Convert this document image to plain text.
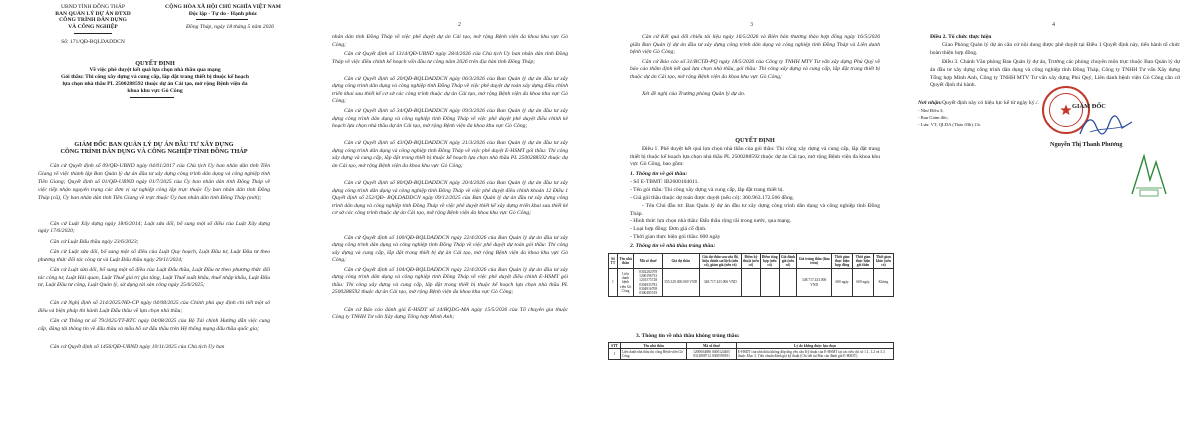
UBND TỈNH ĐỒNG THÁP
BAN QUẢN LÝ DỰ ÁN ĐTXD
CÔNG TRÌNH DÂN DỤNG
VÀ CÔNG NGHIỆP
CỘNG HÒA XÃ HỘI CHỦ NGHĨA VIỆT NAM
Độc lập - Tự do - Hạnh phúc
Số: 171/QĐ-BQLDADDCN
Đồng Tháp, ngày 18 tháng 5 năm 2026
QUYẾT ĐỊNH
Về việc phê duyệt kết quả lựa chọn nhà thầu qua mạng
Gói thầu: Thi công xây dựng và cung cấp, lắp đặt trang thiết bị thuộc kế hoạch
lựa chọn nhà thầu PL 2500288592 thuộc dự án Cải tạo, mở rộng Bệnh viện đa
khoa khu vực Gò Công
GIÁM ĐỐC BAN QUẢN LÝ DỰ ÁN ĐẦU TƯ XÂY DỰNG
CÔNG TRÌNH DÂN DỤNG VÀ CÔNG NGHIỆP TỈNH ĐỒNG THÁP
Căn cứ Quyết định số 09/QĐ-UBND ngày 04/01/2017 của Chủ tịch Ủy ban nhân dân tỉnh Tiền Giang về việc thành lập Ban Quản lý dự án đầu tư xây dựng công trình dân dụng và công nghiệp tỉnh Tiền Giang; Quyết định số 01/QĐ-UBND ngày 01/7/2025 của Ủy ban nhân dân tỉnh Đồng Tháp về việc tiếp nhận nguyên trạng các đơn vị sự nghiệp công lập trực thuộc Ủy ban nhân dân tỉnh Đồng Tháp (cũ), Ủy ban nhân dân tỉnh Tiền Giang về trực thuộc Ủy ban nhân dân tỉnh Đồng Tháp (mới);
Căn cứ Luật Xây dựng ngày 18/6/2014; Luật sửa đổi, bổ sung một số điều của Luật Xây dựng ngày 17/6/2020;
Căn cứ Luật Đấu thầu ngày 23/6/2023;
Căn cứ Luật sửa đổi, bổ sung một số điều của Luật Quy hoạch, Luật Đầu tư, Luật Đầu tư theo phương thức đối tác công tư và Luật Đấu thầu ngày 29/11/2024;
Căn cứ Luật sửa đổi, bổ sung một số điều của Luật Đấu thầu, Luật Đầu tư theo phương thức đối tác công tư, Luật Hải quan, Luật Thuế giá trị gia tăng, Luật Thuế xuất khẩu, thuế nhập khẩu, Luật Đầu tư, Luật Đầu tư công, Luật Quản lý, sử dụng tài sản công ngày 25/6/2025;
Căn cứ Nghị định số 214/2025/NĐ-CP ngày 04/08/2025 của Chính phủ quy định chi tiết một số điều và biện pháp thi hành Luật Đấu thầu về lựa chọn nhà thầu;
Căn cứ Thông tư số 79/2025/TT-BTC ngày 04/08/2025 của Bộ Tài chính Hướng dẫn việc cung cấp, đăng tải thông tin về đấu thầu và mẫu hồ sơ đấu thầu trên Hệ thống mạng đấu thầu quốc gia;
Căn cứ Quyết định số 1456/QĐ-UBND ngày 10/11/2025 của Chủ tịch Ủy ban
2
nhân dân tỉnh Đồng Tháp về việc phê duyệt dự án Cải tạo, mở rộng Bệnh viện đa khoa khu vực Gò Công;
Căn cứ Quyết định số 1314/QĐ-UBND ngày 28/4/2026 của Chủ tịch Ủy ban nhân dân tỉnh Đồng Tháp về việc điều chỉnh kế hoạch vốn đầu tư công năm 2026 trên địa bàn tỉnh Đồng Tháp;
Căn cứ Quyết định số 20/QĐ-BQLDADDCN ngày 06/3/2026 của Ban Quản lý dự án đầu tư xây dựng công trình dân dụng và công nghiệp tỉnh Đồng Tháp về việc phê duyệt dự toán xây dựng điều chỉnh triển khai sau thiết kế cơ sở các công trình thuộc dự án Cải tạo, mở rộng Bệnh viện đa khoa khu vực Gò Công;
Căn cứ Quyết định số 34/QĐ-BQLDADDCN ngày 09/3/2026 của Ban Quản lý dự án đầu tư xây dựng công trình dân dụng và công nghiệp tỉnh Đồng Tháp về việc phê duyệt phê duyệt điều chỉnh kế hoạch lựa chọn nhà thầu dự án Cải tạo, mở rộng Bệnh viện đa khoa khu vực Gò Công;
Căn cứ Quyết định số 43/QĐ-BQLDADDCN ngày 21/3/2026 của Ban Quản lý dự án đầu tư xây dựng công trình dân dụng và công nghiệp tỉnh Đồng Tháp về việc phê duyệt E-HSMT gói thầu: Thi công xây dựng và cung cấp, lắp đặt trang thiết bị thuộc kế hoạch lựa chọn nhà thầu PL 2500288592 thuộc dự án Cải tạo, mở rộng Bệnh viện đa khoa khu vực Gò Công;
Căn cứ Quyết định số 80/QĐ-BQLDADDCN ngày 20/4/2026 của Ban Quản lý dự án đầu tư xây dựng công trình dân dụng và công nghiệp tỉnh Đồng Tháp về việc phê duyệt điều chỉnh khoản 12 Điều 1 Quyết định số 252/QĐ- BQLDADDCN ngày 09/12/2025 của Ban Quản lý dự án đầu tư xây dựng công trình dân dụng và công nghiệp tỉnh Đồng Tháp về việc phê duyệt thiết kế xây dựng triển khai sau thiết kế cơ sở các công trình thuộc dự án Cải tạo, mở rộng Bệnh viện đa khoa khu vực Gò Công;
Căn cứ Quyết định số 100/QĐ-BQLDADDCN ngày 22/4/2026 của Ban Quản lý dự án đầu tư xây dựng công trình dân dụng và công nghiệp tỉnh Đồng Tháp về việc phê duyệt dự toán gói thầu: Thi công xây dựng và cung cấp, lắp đặt trang thiết bị dự án Cải tạo, mở rộng Bệnh viện đa khoa khu vực Gò Công;
Căn cứ Quyết định số 104/QĐ-BQLDADDCN ngày 22/4/2026 của Ban Quản lý dự án đầu tư xây dựng công trình dân dụng và công nghiệp tỉnh Đồng Tháp về việc phê duyệt điều chỉnh E-HSMT gói thầu: Thi công xây dựng và cung cấp, lắp đặt trang thiết bị thuộc kế hoạch lựa chọn nhà thầu PL 2500288592 thuộc dự án Cải tạo, mở rộng Bệnh viện đa khoa khu vực Gò Công;
Căn cứ Báo cáo đánh giá E-HSDT số 14/BQDG-MA ngày 15/5/2026 của Tổ chuyên gia thuộc Công ty TNHH Tư vấn Xây dựng Tổng hợp Minh Anh;
3
Căn cứ Kết quả đối chiếu tài liệu ngày 16/5/2026 và Biên bản thương thảo hợp đồng ngày 16/5/2026 giữa Ban Quản lý dự án đầu tư xây dựng công trình dân dụng và công nghiệp tỉnh Đồng Tháp và Liên danh bệnh viện Gò Công;
Căn cứ Báo cáo số 31/BCTĐ-PQ ngày 18/5/2026 của Công ty TNHH MTV Tư vấn xây dựng Phú Quý về báo cáo thẩm định kết quả lựa chọn nhà thầu, gói thầu: Thi công xây dựng và cung cấp, lắp đặt trang thiết bị thuộc dự án Cải tạo, mở rộng Bệnh viện đa khoa khu vực Gò Công;
Xét đề nghị của Trưởng phòng Quản lý dự án.
QUYẾT ĐỊNH
Điều 1. Phê duyệt kết quả lựa chọn nhà thầu của gói thầu: Thi công xây dựng và cung cấp, lắp đặt trang thiết bị thuộc kế hoạch lựa chọn nhà thầu PL 2500288592 thuộc dự án Cải tạo, mở rộng Bệnh viện đa khoa khu vực Gò Công, bao gồm:
1. Thông tin về gói thầu:
- Số E-TBMT: IB2600104011.
- Tên gói thầu: Thi công xây dựng và cung cấp, lắp đặt trang thiết bị.
- Giá gói thầu thuộc dự toán được duyệt (nếu có): 360.963.172.566 đồng.
- Tên Chủ đầu tư: Ban Quản lý dự án đầu tư xây dựng công trình dân dụng và công nghiệp tỉnh Đồng Tháp.
- Hình thức lựa chọn nhà thầu: Đấu thầu rộng rãi trong nước, qua mạng.
- Loại hợp đồng: Đơn giá cố định.
- Thời gian thực hiện gói thầu: 600 ngày
2. Thông tin về nhà thầu trúng thầu:
Số TT	Tên nhà thầu	Mã số thuế	Giá dự thầu	Giá dự thầu sau sửa lỗi, hiệu chỉnh sai lệch (nếu có), giảm giá (nếu có)	Điểm kỹ thuật (nếu có)	Điểm tổng hợp (nếu có)	Giá đánh giá (nếu có)	Giá trúng thầu (làm tròn)	Thời gian thực hiện hợp đồng	Thời gian thực hiện gói thầu	Thời gian khác (nếu có)
1	Liên danh bệnh viện Gò Công	0302282078 1200196733 1201575728 0304935782 0304916708 0300485519	355.329.000.000 VND	348.717.433.006 VND				348.717.433.000 VND	600 ngày	600 ngày	Không
3. Thông tin về nhà thầu không trúng thầu:
STT	Tên nhà thầu	Mã số thuế	Lý do không được lựa chọn
1	Liên danh nhà thầu thi công Bệnh viện Gò Công	1200604686 0400124405 0312808712 0300599391	E-HSDT của nhà thầu không đáp ứng yêu cầu Kỹ thuật của E-HSMT tại các tiêu chí số 1.1, 1.2 và 3.3 thuộc Mục 3. Tiêu chuẩn đánh giá kỹ thuật (Chi tiết tại Báo cáo đánh giá E-HSDT)
4
Điều 2. Tổ chức thực hiện
Giao Phòng Quản lý dự án căn cứ nội dung được phê duyệt tại Điều 1 Quyết định này, tiến hành tổ chức hoàn thiện hợp đồng.
Điều 3. Chánh Văn phòng Ban Quản lý dự án, Trưởng các phòng chuyên môn trực thuộc Ban Quản lý dự án đầu tư xây dựng công trình dân dụng và công nghiệp tỉnh Đồng Tháp, Công ty TNHH Tư vấn Xây dựng Tổng hợp Minh Anh, Công ty TNHH MTV Tư vấn xây dựng Phú Quý, Liên danh bệnh viện Gò Công căn cứ Quyết định thi hành.
Quyết định này có hiệu lực kể từ ngày ký./.
Nơi nhận:
- Như Điều 3;
- Ban Giám đốc;
- Lưu: VT, QLDA (Thảo 03b).13c
GIÁM ĐỐC
Nguyễn Thị Thanh Phương
